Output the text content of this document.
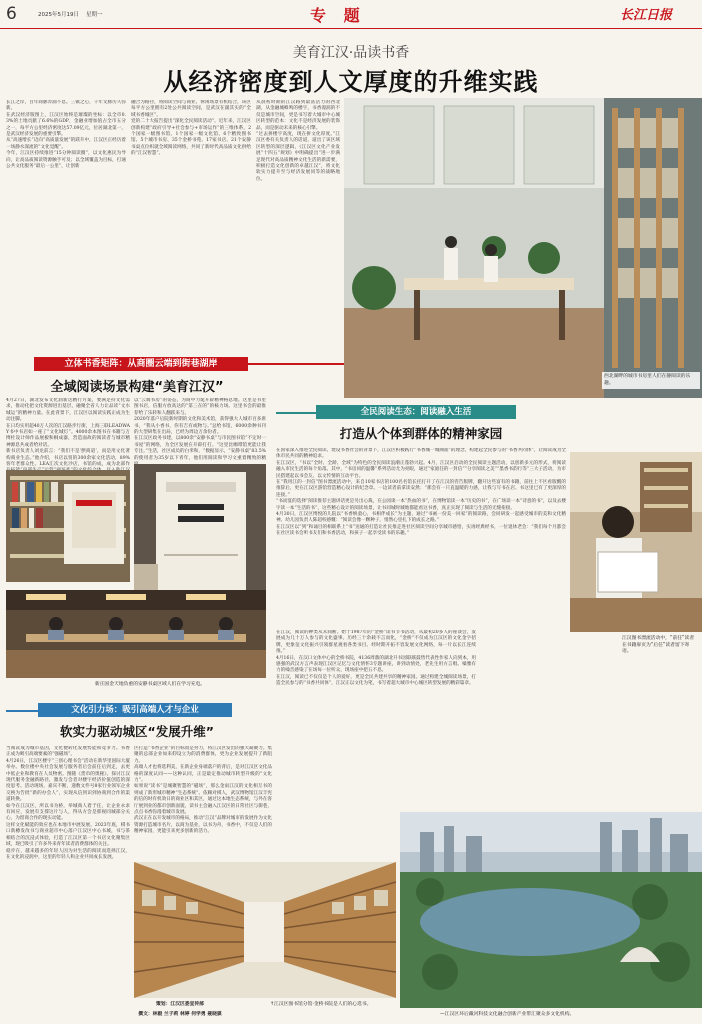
6	2025年5月19日 星期一	专 题	长江日报
美育江汉·品读书香
从经济密度到人文厚度的升维实践
长江之岸，百年商脉奔涌不息。三镇之心，千年文脉历久弥新。
在武汉经济版图上，江汉区始终是璀璨的坐标：以全市0.3%的土地贡献了6.6%的GDP，金融业增加值占全市五分之一，每平方公里经济密度达57.09亿元，位居湖北第一，是武汉经济发展的重要引擎。
从“高速增长”迈向“高质量发展”的跃升中，江汉区正经历着一场静水深流的“文化觉醒”。
今年，江汉区持续推进“15分钟阅读圈”，以文化惠民为导向，让高品质阅读资源触手可及；以全域覆盖为目标，打通公共文化服务“最后一公里”，让创新
融合为路径，将阅读空间与商业、休闲场景有机结合，该区每平方公里拥有2处公共阅读空间，是武汉在副其实的“全域书香城区”。
党的二十大报告提出“深化全民阅读活动”。近年来，江汉区创新构建“政府引导+社会参与+市场运作”的三维体系，2个国家一级图书馆、1个国家一级文化馆、6个精致图书馆、5个城市书房、35个金桥书苑、17家书店、21个安静书桌点位织就全域阅读网络，共同了新时代高品质文化供给的“江汉智慧”。
从晨初时期的江汉路到最富活力的西北湖，从金融城蜂鸣的楼宇，书香漫润的不仅是城市空间，更是书写着大城市中心城区转型的范本：文化不是经济发展的装饰品，而是驱动未来的核心引擎。
“过去拼楼宇高度，现在拼文化厚度。”江汉区委有关负责人的话道，道出了该区域区转型的深层逻辑，《江汉区文化产业发展“十四五”规划》中明确提出“进一步满足现代对高品质精神文化生活的新需要，积极打造文化创新的卓越江汉”，将文化软实力提升至与经济发展同等的战略地位。
西北湖畔的城市书房里人们在静阅读的乐趣。
立体书香矩阵：从商圈云端到街巷湖岸
全域阅读场景构建“美育江汉”
4月27日，湖北发布文化润新达精行方案，要满足持文化需求，推动化把文化资源进出基层，融聚全省人力让品读“文水城运”的精神力量。在此背景下，江汉区以阅读实践正成为生动注脚。
在日均实用超40万人次的江汉路步行街，上海三联LEADWAY书中书店如一座了“文化城灯”。4000余本图书在书籍与万博杜设计师作品展板和桐成器，营造面故的阅读者与城市精神源息共成者给对话。
新书店负责人刘龙前言：“我们不是‘摆商道’，而是用文化著构商业生态。”他介绍，书店以贸的300余家文化活动，89%客年老群众性。LEA汇次文化沙店，书馆的成，成为北部作

以“云端书房”的姿态，为商中力诞开辟精神格息地。这里是书里图书店，信服方放高达的“第三在的”的核力场。这里书会的最推荐给了乐转和人翻跃来与。
2020年落户后院新时期的文化和美术馆，获得强大人城市百多席书，“我从小香书，你有吉有或物与。”总给书馆，6000余种书刊的大型研集在出局，已经为周边万余份者。
在江汉区政务书建，以800余“安静书桌”与市民图书馆“不定时一书屋”的网络，为全区发展在开辟打打。“这里比咖啡馆更能让我专注。”生活，社区成员的白米和，“数据显示，“安静书桌”83.5%的使用者为35岁以下青年，他们用阅读和学习文重着精致的精

新庄国金天地负重的安静书桌区域人们在学习充电。
全民阅读生态：阅读融入生活
打造从个体到群体的精神家园
在国家深入推进全民阅读、建设书香社会的背景下，江汉区积极践行“书香城一城阁面”的理念，构建起全民参与的“书香共同体”，让阅读成为全体市民共同的精神追求。
在江汉区，“书以”全时、全龄、全域”为特色的全民阅读浪潮正蓬勃兴起。4月，江汉区启动的全民阅读主题活动，以创新多元的形式，将阅读融入市民生活的每个角落。其中，“书房同的温馨”系列活动尤为亮眼，通过“家庭任的一封信”“分享阅读之美”“墨香书韵行等”三大子活动，为市民搭建起以书会友、以文传情的互动平台。
在“我用江的一封信”图书漂流活动中，来自10家书店的100名名馆长托打开了在江汉的咨告版牌，翻开这些富有的书籍，前往上不区看版醒的推辞后，更在江汉区游馆营造精心设计的纪念章。一边读者前拿读安然：“那会有一只直温暖的力感，让我与写书在店、书这里已有了更深厚的连接。”
“书而宴的选择”阅读推荐主题讲话更是另出心裁，在公园谈一本“热血的书”，在博物馆读一本“历史的书”，在广场读一本“诗意的书”，以及去楼宇读一本“生活的书”，这些精心设计的阅读场景，让书同城时城地都能看这书香，真正实现了阅读与生活的无缝衔接。
4月30日，江汉区博悦的儿院以“书香焕童心，书相伴成长”为主题，通过“书画一份美一回家”的阅读路，会同研发一起感受城市的美和文化精神。幼儿园负责人陈超校感慨：“阅读会像一颗种子，悄然心里扎下的成长之路。”
在江汉区以“到”和诵目的相联系上“书”送通的打造让社民推走进社区阅读空间分享城市感悟，实再经典经书，一位退休老会：“我们每个月都会在社区读书会听书友们和书香活动，和孩子一起享受读书的乐趣。”
在江汉，阅读的种类从未间断。始于1987年的“金桥”读书节书活动，从最初20多人的座谈会，发展成为几十万人参与的文化盛事。历经三十余载不言而化，“金桥”不仅成为江汉区的文化金字招牌，更象征文化振兴引领群星观看各类书目。经时期开拓不容发展文化网络，每一片以长江连续推。”
4月16日，在汉口文体中心的全桥书院，4136周鼎的湖北开书园联联鼓售代表性作家人向到本，用感强的武汉方言声表现江汉区记忆与文化情怀3专题讲座，讲到动情处，老先生用方言唱。嗓雅有力的嗓音感染了在场每一位听众，现场座中把五不息。
在江汉，阅读已不仅仅是个人的爱好，更是全民共建共享的精神家园。通过构建全城阅读场景，打造全民参与的“书香共同体”，江汉正以文化为笔，书写着超大城市中心城区转型发展的精彩篇章。
江汉图书漂流活动中，“前任”读者在书籍扉页为“后任”读者留下寄语。
文化引力场：吸引高端人才与企业
软实力驱动城区“发展升维”
当阅读成为城市基因，文化便转化发展势能和竞争力。书香正成为吸引高端要素的“强磁场”。
4月26日，江汉区楼宇“三创心理书会”活动在新华里国际大厦举办。数位楼中央社会发展与服务者后会前任后到走，去更中低企业和教育在人员物密。图随《货币的奥秘》，探讨江汉现代服务金融新路径，激发与会者对楼宇经济价值创造的深度思考。活动现场，嘉宾不断，递数文件号8家行业领军企业交换为告批“新的办会人”，实现从信到识到协商到合作的渠道转换。
如今在江汉区，所以书为桥，举城商人着于任，让企业永求有回应，发展有支撑这片与人，得从方会是那视同城部分关心，为留商合作的现实动能。
这样文化赋能的效应也在本地市中展发展。2023年底，棋书口新樽发改书与商业超市中心落户江汉区中心书城，书与茶相结合的沉浸式体验，打造了江汉区第一个书店文化聚集区域，现已吸引了许多外来青年读者消费群体的关注。
稳步在，越来越多的年轻人因为对生活的阅读而选择江汉，在文化的浸润中，这里的年轻人和企业共同成长发展。
区打造“书香企业”的目标而是努力，将江汉区发出的强大凝聚力。集聚的总部企业如来仰设立为的消费群体，更为企业发展提升了新阻力。
高端人才也将选利美，在新企业身端落户的背后，是对江汉区文化品格的深度认同——这种认同，正是最定推动城市转型升级的“文化力”。
如果说“读书”是城聚智慧的“磁场”，那么金雨江汉的文化相互书的则成了新形城市精神“生态系统”。依赖对棋人，武汉博物馆江汉丰宪的信的时有机效日的商业区和其区，通过这本地生态系统，与外在客厅展到业的都市创新面貌，读书主会融入江汉区的日常社区与街巷，点点书香弥漫着城市发展。
武汉正在以开发城市的格局，推动“江汉”品牌对城市的发展作为文化资源打造城市名片，以商为基业，以书为舟，书香中，不仅是人们的精神家园，更能引来更多创新的活力。
↑江汉区图书馆分馆·金桥书院是人们的心选书。
—江汉区环后藏河科技文化融合创新产业带汇聚众多文化机构。
策划：江汉区委宣传部
撰文：林毅 兰子莉 林婷 何学勇 聂晓骐
